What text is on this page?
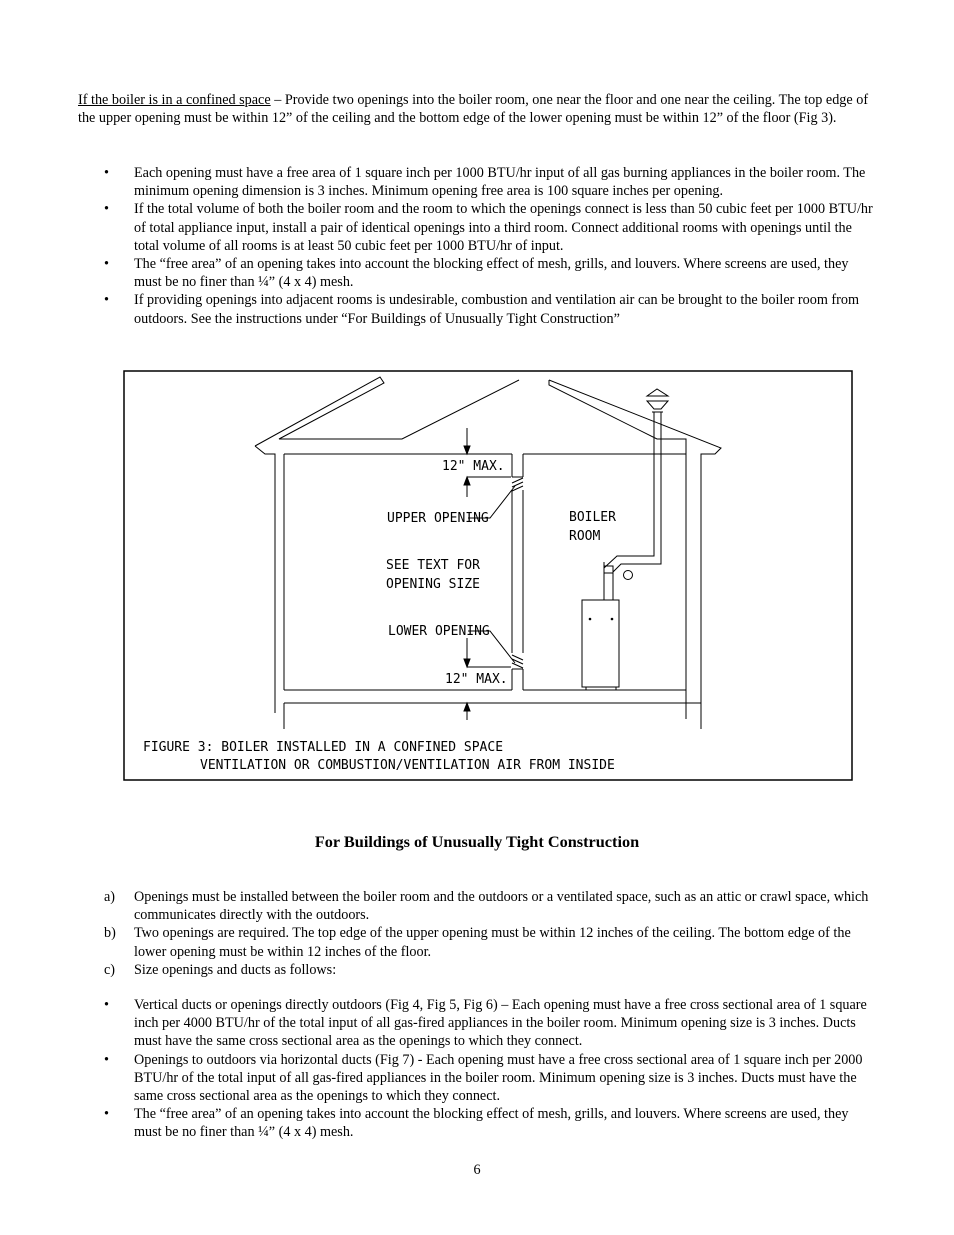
If the boiler is in a confined space – Provide two openings into the boiler room, one near the floor and one near the ceiling. The top edge of the upper opening must be within 12” of the ceiling and the bottom edge of the lower opening must be within 12” of the floor (Fig 3).
•	Each opening must have a free area of 1 square inch per 1000 BTU/hr input of all gas burning appliances in the boiler room. The minimum opening dimension is 3 inches. Minimum opening free area is 100 square inches per opening.
•	If the total volume of both the boiler room and the room to which the openings connect is less than 50 cubic feet per 1000 BTU/hr of total appliance input, install a pair of identical openings into a third room. Connect additional rooms with openings until the total volume of all rooms is at least 50 cubic feet per 1000 BTU/hr of input.
•	The “free area” of an opening takes into account the blocking effect of mesh, grills, and louvers. Where screens are used, they must be no finer than ¼” (4 x 4) mesh.
•	If providing openings into adjacent rooms is undesirable, combustion and ventilation air can be brought to the boiler room from outdoors. See the instructions under “For Buildings of Unusually Tight Construction”
12" MAX.
UPPER OPENING	BOILER
ROOM
SEE TEXT FOR
OPENING SIZE
LOWER OPENING
12" MAX.
FIGURE 3: BOILER INSTALLED IN A CONFINED SPACE
VENTILATION OR COMBUSTION/VENTILATION AIR FROM INSIDE
For Buildings of Unusually Tight Construction
a)	Openings must be installed between the boiler room and the outdoors or a ventilated space, such as an attic or crawl space, which communicates directly with the outdoors.
b)	Two openings are required. The top edge of the upper opening must be within 12 inches of the ceiling. The bottom edge of the lower opening must be within 12 inches of the floor.
c)	Size openings and ducts as follows:
•	Vertical ducts or openings directly outdoors (Fig 4, Fig 5, Fig 6) – Each opening must have a free cross sectional area of 1 square inch per 4000 BTU/hr of the total input of all gas-fired appliances in the boiler room. Minimum opening size is 3 inches. Ducts must have the same cross sectional area as the openings to which they connect.
•	Openings to outdoors via horizontal ducts (Fig 7) - Each opening must have a free cross sectional area of 1 square inch per 2000 BTU/hr of the total input of all gas-fired appliances in the boiler room. Minimum opening size is 3 inches. Ducts must have the same cross sectional area as the openings to which they connect.
•	The “free area” of an opening takes into account the blocking effect of mesh, grills, and louvers. Where screens are used, they must be no finer than ¼” (4 x 4) mesh.
6
